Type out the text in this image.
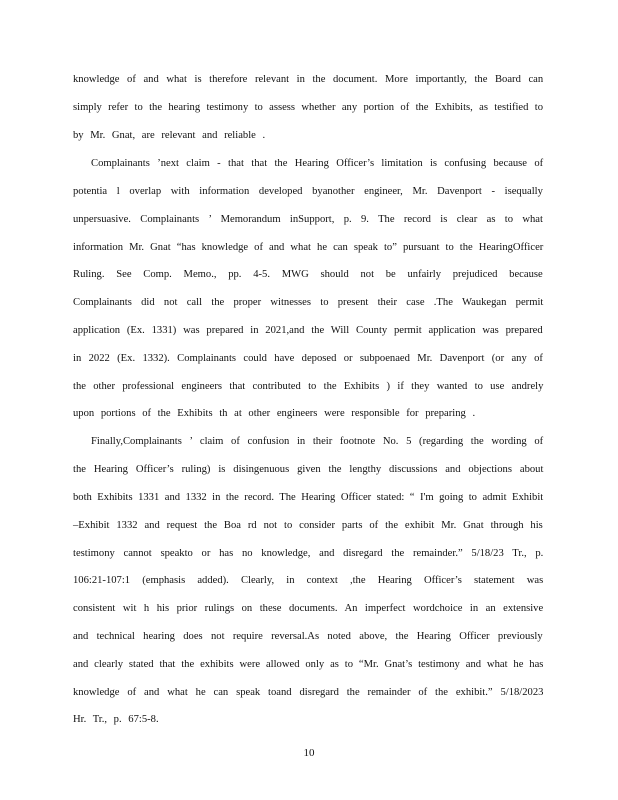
knowledge of and what is therefore relevant in the document. More importantly, the Board can
simply refer to the hearing testimony to assess whether any portion of the Exhibits, as testified to
by Mr. Gnat, are relevant and reliable .
Complainants ’next claim - that that the Hearing Officer’s limitation is confusing because of
potentia l overlap with information developed byanother engineer, Mr. Davenport - isequally
unpersuasive. Complainants ’ Memorandum inSupport, p. 9. The record is clear as to what
information Mr. Gnat “has knowledge of and what he can speak to” pursuant to the HearingOfficer
Ruling. See Comp. Memo., pp. 4-5. MWG should not be unfairly prejudiced because
Complainants did not call the proper witnesses to present their case .The Waukegan permit
application (Ex. 1331) was prepared in 2021,and the Will County permit application was prepared
in 2022 (Ex. 1332). Complainants could have deposed or subpoenaed Mr. Davenport (or any of
the other professional engineers that contributed to the Exhibits ) if they wanted to use andrely
upon portions of the Exhibits th at other engineers were responsible for preparing .
Finally,Complainants ’ claim of confusion in their footnote No. 5 (regarding the wording of
the Hearing Officer’s ruling) is disingenuous given the lengthy discussions and objections about
both Exhibits 1331 and 1332 in the record. The Hearing Officer stated: “ I'm going to admit Exhibit
–Exhibit 1332 and request the Boa rd not to consider parts of the exhibit Mr. Gnat through his
testimony cannot speakto or has no knowledge, and disregard the remainder.” 5/18/23 Tr., p.
106:21-107:1 (emphasis added). Clearly, in context ,the Hearing Officer’s statement was
consistent wit h his prior rulings on these documents. An imperfect wordchoice in an extensive
and technical hearing does not require reversal.As noted above, the Hearing Officer previously
and clearly stated that the exhibits were allowed only as to “Mr. Gnat’s testimony and what he has
knowledge of and what he can speak toand disregard the remainder of the exhibit.” 5/18/2023
Hr. Tr., p. 67:5-8.
10
